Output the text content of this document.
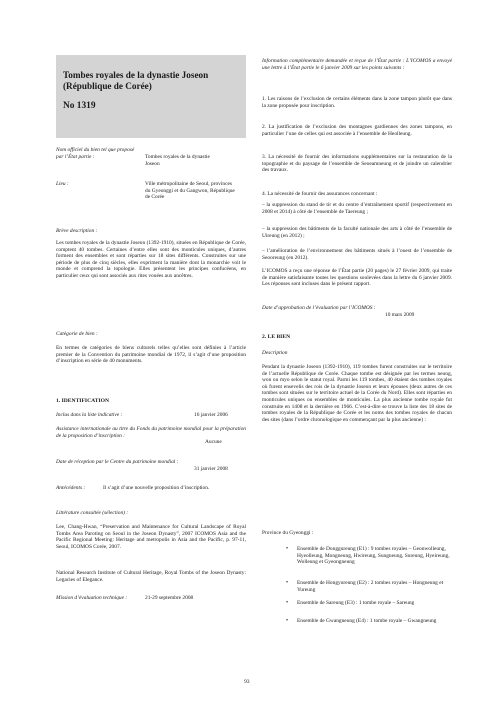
Tombes royales de la dynastie Joseon (République de Corée)
No 1319
Nom officiel du bien tel que proposé par l’État partie :	Tombes royales de la dynastie Joseon
Lieu :	Ville métropolitaine de Seoul, provinces du Gyeonggi et du Gangwon, République de Corée
Brève description :

Les tombes royales de la dynastie Joseon (1392-1910), situées en République de Corée, comptent 40 tombes. Certaines d’entre elles sont des monticules uniques, d’autres forment des ensembles et sont réparties sur 18 sites différents. Construites sur une période de plus de cinq siècles, elles expriment la manière dont la monarchie voit le monde et comprend la topologie. Elles présentent les principes confucéens, en particulier ceux qui sont associés aux rites vouées aux ancêtres.

Catégorie de bien :

En termes de catégories de biens culturels telles qu’elles sont définies à l’article premier de la Convention du patrimoine mondial de 1972, il s’agit d’une proposition d’inscription en série de 40 monuments.

1. IDENTIFICATION
Inclus dans la liste indicative :	16 janvier 2006
Assistance internationale au titre du Fonds du patrimoine mondial pour la préparation de la proposition d’inscription :
Aucune
Date de réception par le Centre du patrimoine mondial :
31 janvier 2008
Antécédents :	Il s’agit d’une nouvelle proposition d’inscription.
Littérature consultée (sélection) :

Lee, Chang-Hwan, “Preservation and Maintenance for Cultural Landscape of Royal Tombs Area Paroting on Seoul in the Joseon Dynasty”, 2007 ICOMOS Asia and the Pacific Regional Meeting: Heritage and metropolis in Asia and the Pacific, p. 97-11, Seoul, ICOMOS Corée, 2007.

National Research Institute of Cultural Heritage, Royal Tombs of the Joseon Dynasty: Legacies of Elegance.

Mission d’évaluation technique :	21-29 septembre 2008

Information complémentaire demandée et reçue de l’État partie : L’ICOMOS a envoyé une lettre à l’État partie le 6 janvier 2009 sur les points suivants :

1. Les raisons de l’exclusion de certains éléments dans la zone tampon plutôt que dans la zone proposée pour inscription.

2. La justification de l’exclusion des montagnes gardiennes des zones tampons, en particulier l’une de celles qui est associée à l’ensemble de Heolleung.

3. La nécessité de fournir des informations supplémentaires sur la restauration de la topographie et du paysage de l’ensemble de Seoeamneung et de joindre un calendrier des travaux.

4. La nécessité de fournir des assurances concernant :

– la suppression du stand de tir et du centre d’entraînement sportif (respectivement en 2008 et 2014) à côté de l’ensemble de Taereung ;

– la suppression des bâtiments de la faculté nationale des arts à côté de l’ensemble de Uireung (en 2012) ;

– l’amélioration de l’environnement des bâtiments situés à l’ouest de l’ensemble de Seooreung (en 2012).

L’ICOMOS a reçu une réponse de l’État partie (20 pages) le 27 février 2009, qui traite de manière satisfaisante toutes les questions soulevées dans la lettre du 6 janvier 2009. Les réponses sont incluses dans le présent rapport.

Date d’approbation de l’évaluation par l’ICOMOS :
10 mars 2009
2. LE BIEN
Description

Pendant la dynastie Joseon (1392-1910), 119 tombes furent construites sur le territoire de l’actuelle République de Corée. Chaque tombe est désignée par les termes neung, won ou myo selon le statut royal. Parmi les 119 tombes, 40 étaient des tombes royales où furent ensevelis des rois de la dynastie Joseon et leurs épouses (deux autres de ces tombes sont situées sur le territoire actuel de la Corée du Nord). Elles sont réparties en monticules uniques ou ensembles de monticules. La plus ancienne tombe royale fut construite en 1408 et la dernière en 1966. C’est-à-dire se trouve la liste des 18 sites de tombes royales de la République de Corée et les noms des tombes royales de chacun des sites (dans l’ordre chronologique en commençant par la plus ancienne) :

Province du Gyeonggi :
• Ensemble de Donggureung (E1) : 9 tombes royales – Geonwolleung, Hyeolleung, Mongneung, Hwireung, Sungneung, Sureung, Hyeireung, Wolleung et Gyeongneung
• Ensemble de Hongyureung (E2) : 2 tombes royales – Hongneung et Yureung
• Ensemble de Sareung (E3) : 1 tombe royale – Sareung
• Ensemble de Gwangneung (E4) : 1 tombe royale – Gwangneung
93
